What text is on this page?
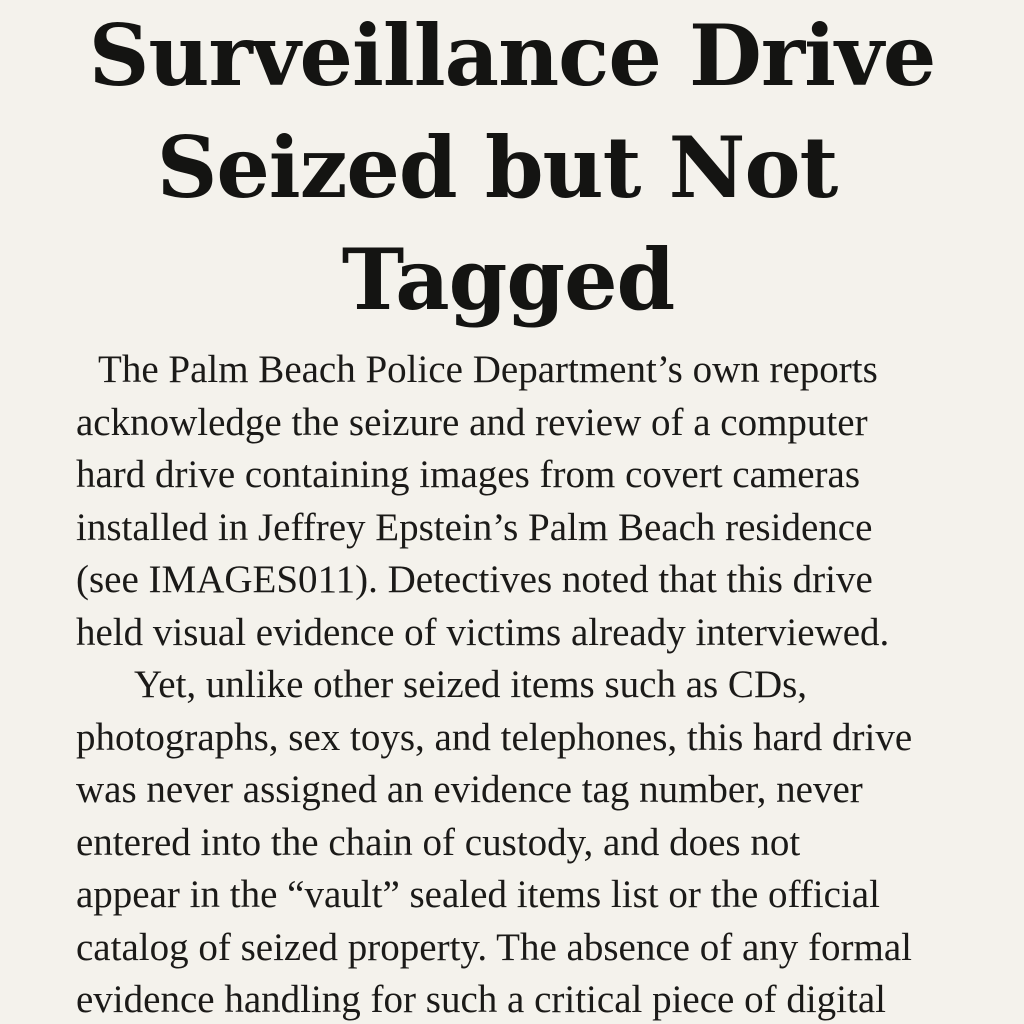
Surveillance Drive
Seized but Not
Tagged
The Palm Beach Police Department’s own reports
acknowledge the seizure and review of a computer
hard drive containing images from covert cameras
installed in Jeffrey Epstein’s Palm Beach residence
(see IMAGES011). Detectives noted that this drive
held visual evidence of victims already interviewed.
Yet, unlike other seized items such as CDs,
photographs, sex toys, and telephones, this hard drive
was never assigned an evidence tag number, never
entered into the chain of custody, and does not
appear in the “vault” sealed items list or the official
catalog of seized property. The absence of any formal
evidence handling for such a critical piece of digital
